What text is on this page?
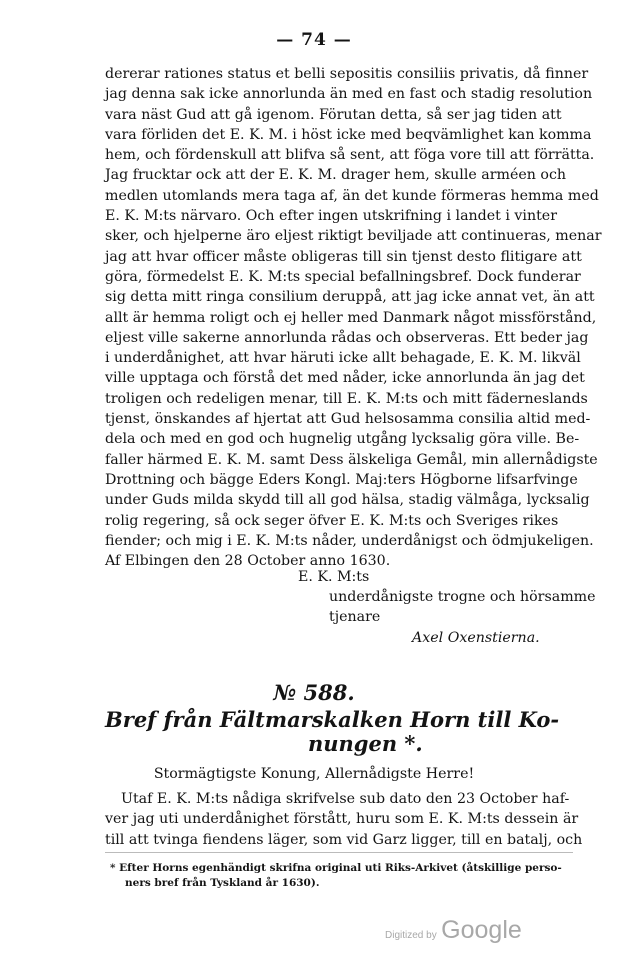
— 74 —
dererar rationes status et belli sepositis consiliis privatis, då finner
jag denna sak icke annorlunda än med en fast och stadig resolution
vara näst Gud att gå igenom. Förutan detta, så ser jag tiden att
vara förliden det E. K. M. i höst icke med beqvämlighet kan komma
hem, och fördenskull att blifva så sent, att föga vore till att förrätta.
Jag frucktar ock att der E. K. M. drager hem, skulle arméen och
medlen utomlands mera taga af, än det kunde förmeras hemma med
E. K. M:ts närvaro. Och efter ingen utskrifning i landet i vinter
sker, och hjelperne äro eljest riktigt beviljade att continueras, menar
jag att hvar officer måste obligeras till sin tjenst desto flitigare att
göra, förmedelst E. K. M:ts special befallningsbref. Dock funderar
sig detta mitt ringa consilium deruppå, att jag icke annat vet, än att
allt är hemma roligt och ej heller med Danmark något missförstånd,
eljest ville sakerne annorlunda rådas och observeras. Ett beder jag
i underdånighet, att hvar häruti icke allt behagade, E. K. M. likväl
ville upptaga och förstå det med nåder, icke annorlunda än jag det
troligen och redeligen menar, till E. K. M:ts och mitt fäderneslands
tjenst, önskandes af hjertat att Gud helsosamma consilia altid med-
dela och med en god och hugnelig utgång lycksalig göra ville. Be-
faller härmed E. K. M. samt Dess älskeliga Gemål, min allernådigste
Drottning och bägge Eders Kongl. Maj:ters Högborne lifsarfvinge
under Guds milda skydd till all god hälsa, stadig välmåga, lycksalig
rolig regering, så ock seger öfver E. K. M:ts och Sveriges rikes
fiender; och mig i E. K. M:ts nåder, underdånigst och ödmjukeligen.
Af Elbingen den 28 October anno 1630.
E. K. M:ts
underdånigste trogne och hörsamme
tjenare
Axel Oxenstierna.
№ 588.
Bref från Fältmarskalken Horn till Ko-
nungen *.
Stormägtigste Konung, Allernådigste Herre!
Utaf E. K. M:ts nådiga skrifvelse sub dato den 23 October haf-
ver jag uti underdånighet förstått, huru som E. K. M:ts dessein är
till att tvinga fiendens läger, som vid Garz ligger, till en batalj, och
* Efter Horns egenhändigt skrifna original uti Riks-Arkivet (åtskillige perso-
ners bref från Tyskland år 1630).
Digitized by Google
